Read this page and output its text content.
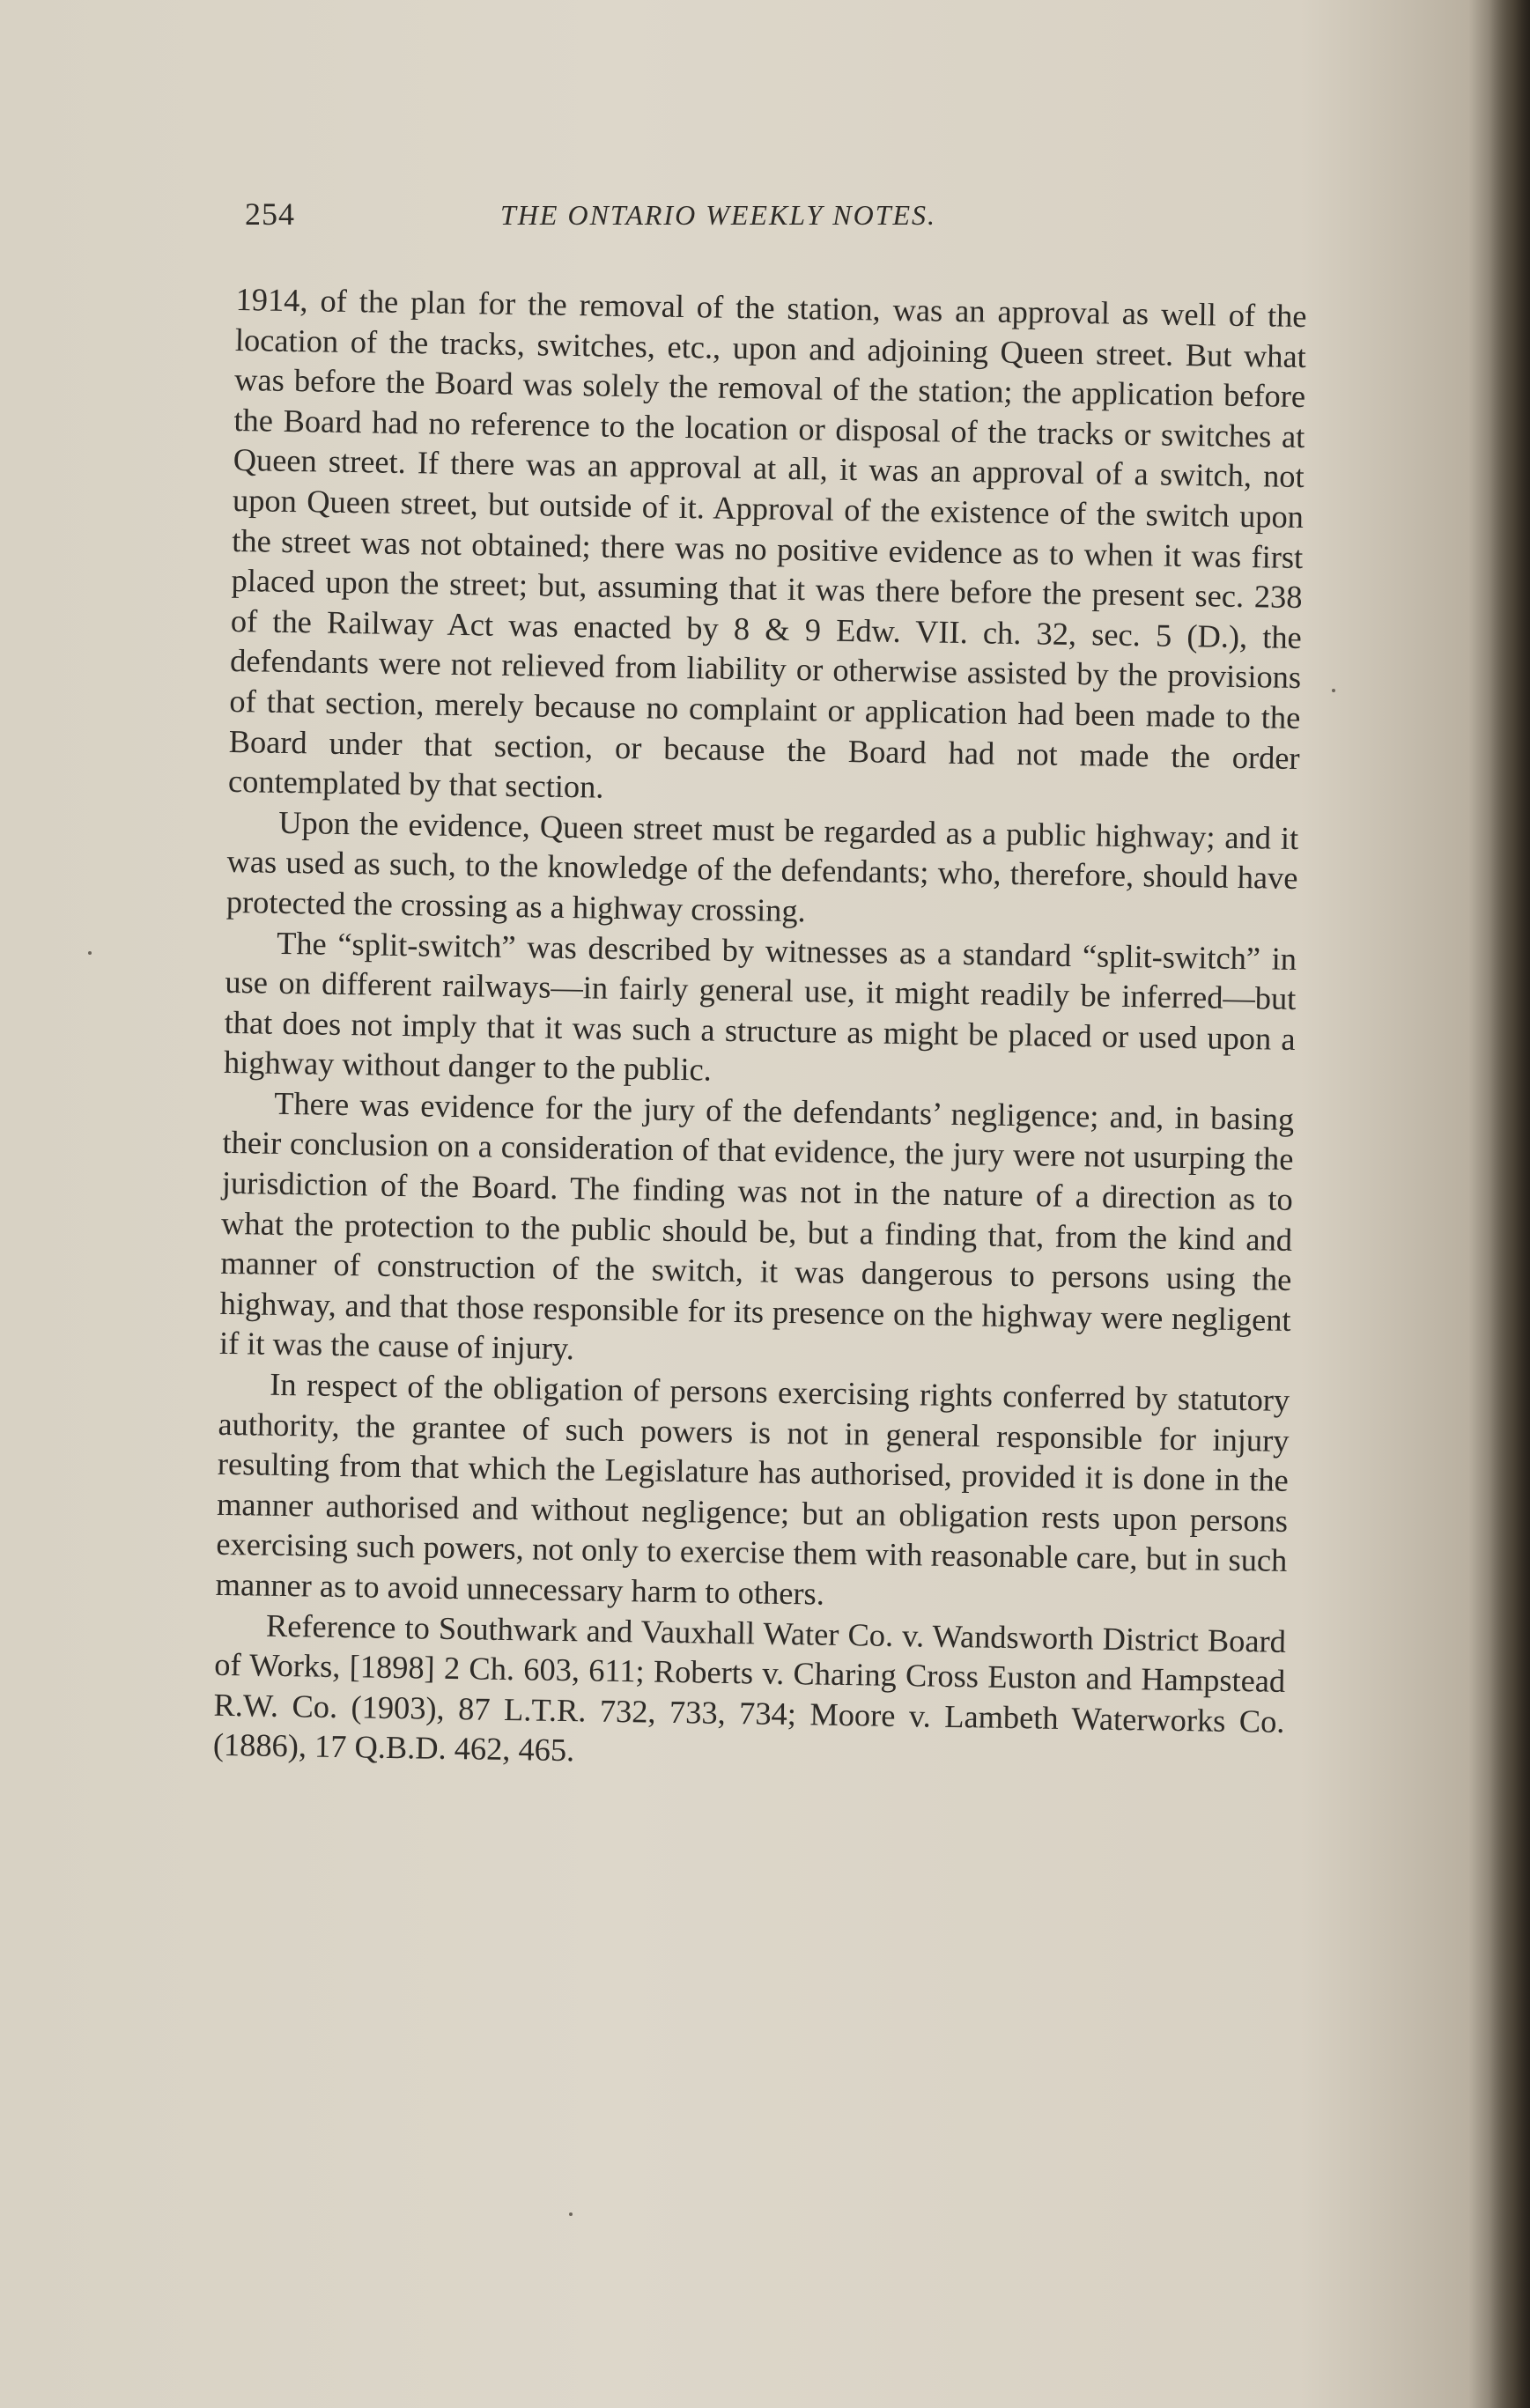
254	THE ONTARIO WEEKLY NOTES.

1914, of the plan for the removal of the station, was an approval as well of the location of the tracks, switches, etc., upon and adjoining Queen street. But what was before the Board was solely the removal of the station; the application before the Board had no reference to the location or disposal of the tracks or switches at Queen street. If there was an approval at all, it was an approval of a switch, not upon Queen street, but outside of it. Approval of the existence of the switch upon the street was not obtained; there was no positive evidence as to when it was first placed upon the street; but, assuming that it was there before the present sec. 238 of the Railway Act was enacted by 8 & 9 Edw. VII. ch. 32, sec. 5 (D.), the defendants were not relieved from liability or otherwise assisted by the provisions of that section, merely because no complaint or application had been made to the Board under that section, or because the Board had not made the order contemplated by that section.

Upon the evidence, Queen street must be regarded as a public highway; and it was used as such, to the knowledge of the defendants; who, therefore, should have protected the crossing as a highway crossing.

The “split-switch” was described by witnesses as a standard “split-switch” in use on different railways—in fairly general use, it might readily be inferred—but that does not imply that it was such a structure as might be placed or used upon a highway without danger to the public.

There was evidence for the jury of the defendants’ negligence; and, in basing their conclusion on a consideration of that evidence, the jury were not usurping the jurisdiction of the Board. The finding was not in the nature of a direction as to what the protection to the public should be, but a finding that, from the kind and manner of construction of the switch, it was dangerous to persons using the highway, and that those responsible for its presence on the highway were negligent if it was the cause of injury.

In respect of the obligation of persons exercising rights conferred by statutory authority, the grantee of such powers is not in general responsible for injury resulting from that which the Legislature has authorised, provided it is done in the manner authorised and without negligence; but an obligation rests upon persons exercising such powers, not only to exercise them with reasonable care, but in such manner as to avoid unnecessary harm to others.

Reference to Southwark and Vauxhall Water Co. v. Wandsworth District Board of Works, [1898] 2 Ch. 603, 611; Roberts v. Charing Cross Euston and Hampstead R.W. Co. (1903), 87 L.T.R. 732, 733, 734; Moore v. Lambeth Waterworks Co. (1886), 17 Q.B.D. 462, 465.
